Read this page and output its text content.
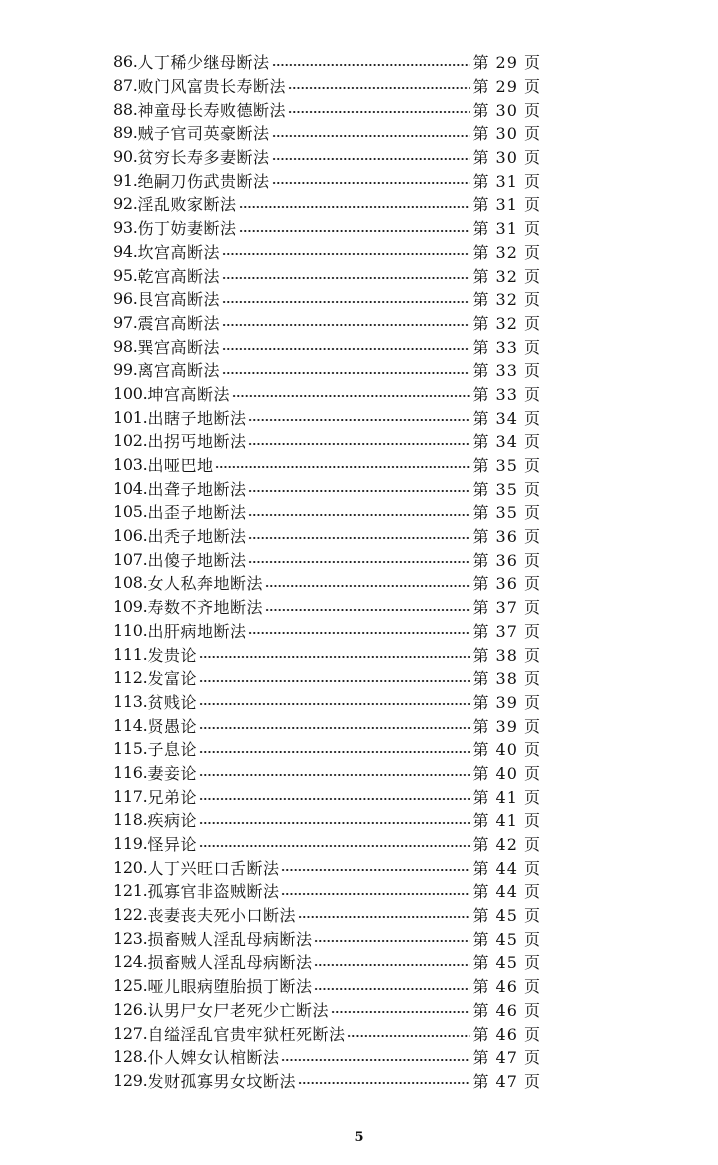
86. 人丁稀少继母断法	第 29 页
87. 败门风富贵长寿断法	第 29 页
88. 神童母长寿败德断法	第 30 页
89. 贼子官司英豪断法	第 30 页
90. 贫穷长寿多妻断法	第 30 页
91. 绝嗣刀伤武贵断法	第 31 页
92. 淫乱败家断法	第 31 页
93. 伤丁妨妻断法	第 31 页
94. 坎宫高断法	第 32 页
95. 乾宫高断法	第 32 页
96. 艮宫高断法	第 32 页
97. 震宫高断法	第 32 页
98. 巽宫高断法	第 33 页
99. 离宫高断法	第 33 页
100. 坤宫高断法	第 33 页
101. 出瞎子地断法	第 34 页
102. 出拐丐地断法	第 34 页
103. 出哑巴地	第 35 页
104. 出聋子地断法	第 35 页
105. 出歪子地断法	第 35 页
106. 出秃子地断法	第 36 页
107. 出傻子地断法	第 36 页
108. 女人私奔地断法	第 36 页
109. 寿数不齐地断法	第 37 页
110. 出肝病地断法	第 37 页
111. 发贵论	第 38 页
112. 发富论	第 38 页
113. 贫贱论	第 39 页
114. 贤愚论	第 39 页
115. 子息论	第 40 页
116. 妻妾论	第 40 页
117. 兄弟论	第 41 页
118. 疾病论	第 41 页
119. 怪异论	第 42 页
120. 人丁兴旺口舌断法	第 44 页
121. 孤寡官非盗贼断法	第 44 页
122. 丧妻丧夫死小口断法	第 45 页
123. 损畜贼人淫乱母病断法	第 45 页
124. 损畜贼人淫乱母病断法	第 45 页
125. 哑儿眼病堕胎损丁断法	第 46 页
126. 认男尸女尸老死少亡断法	第 46 页
127. 自缢淫乱官贵牢狱枉死断法	第 46 页
128. 仆人婢女认棺断法	第 47 页
129. 发财孤寡男女坟断法	第 47 页
5
